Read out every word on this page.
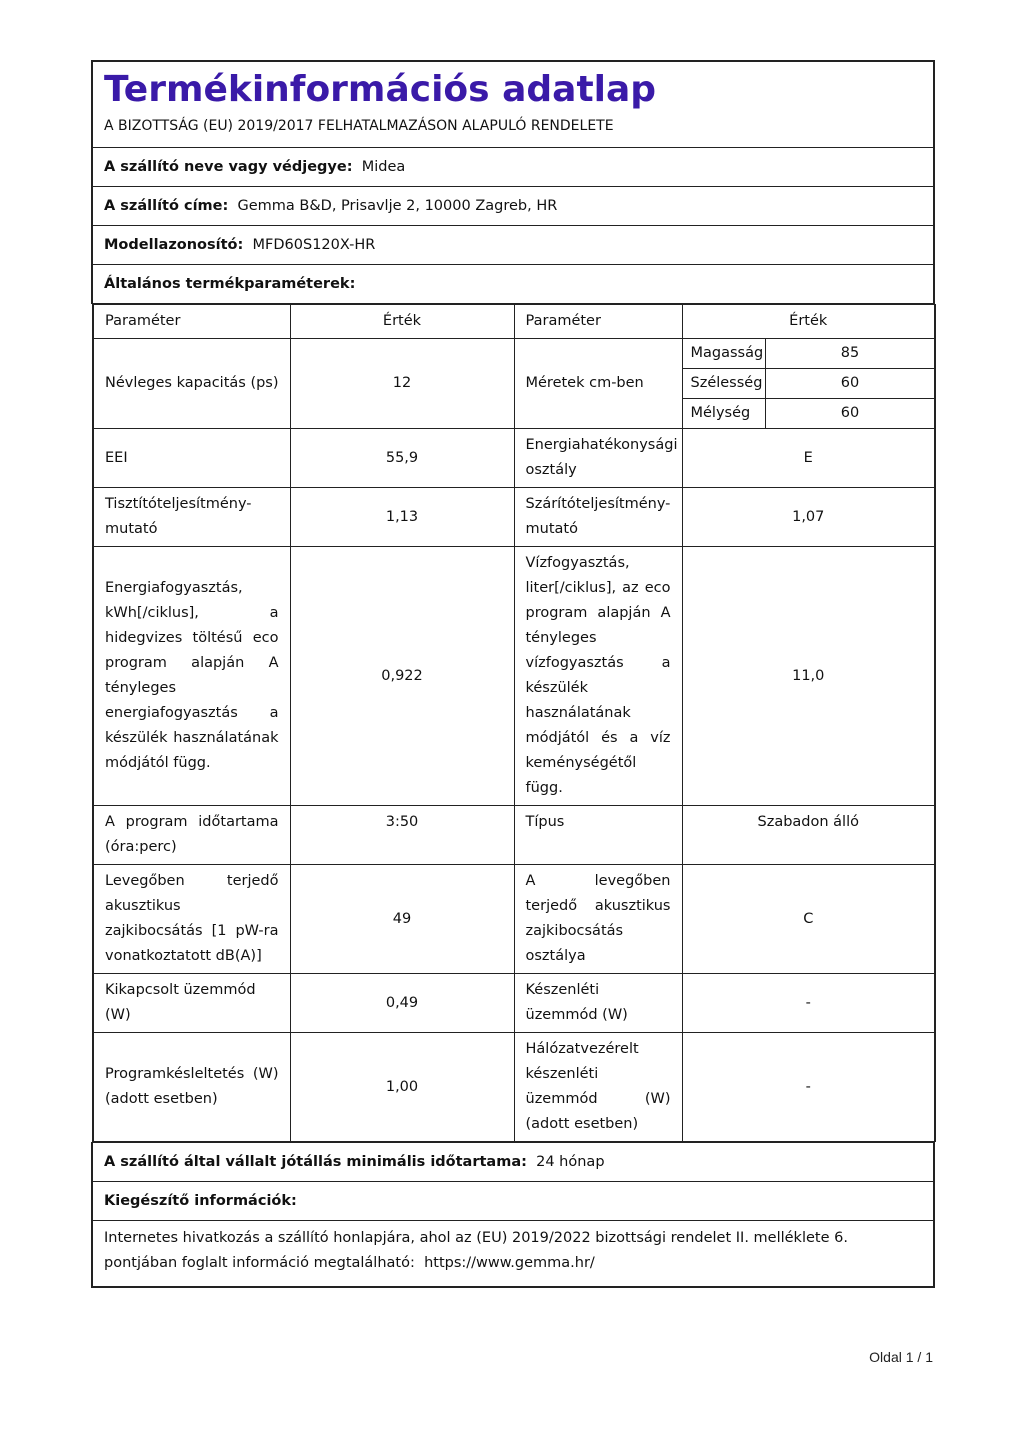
Termékinformációs adatlap
A BIZOTTSÁG (EU) 2019/2017 FELHATALMAZÁSON ALAPULÓ RENDELETE

A szállító neve vagy védjegye: Midea
A szállító címe: Gemma B&D, Prisavlje 2, 10000 Zagreb, HR
Modellazonosító: MFD60S120X-HR
Általános termékparaméterek:

Paraméter	Érték	Paraméter	Érték
Névleges kapacitás (ps)	12	Méretek cm-ben	
Magasság	85
Szélesség	60
Mélység	60

EEI	55,9	Energiahatékonysági osztály	E
Tisztítóteljesítmény-mutató	1,13	Szárítóteljesítmény-mutató	1,07
Energiafogyasztás, kWh[/ciklus], a hidegvizes töltésű eco program alapján A tényleges energiafogyasztás a készülék használatának módjától függ.	0,922	Vízfogyasztás, liter[/ciklus], az eco program alapján A tényleges vízfogyasztás a készülék használatának módjától és a víz keménységétől függ.	11,0
A program időtartama (óra:perc)	3:50	Típus	Szabadon álló
Levegőben terjedő akusztikus zajkibocsátás [1 pW-ra vonatkoztatott dB(A)]	49	A levegőben terjedő akusztikus zajkibocsátás osztálya	C
Kikapcsolt üzemmód (W)	0,49	Készenléti üzemmód (W)	-
Programkésleltetés (W) (adott esetben)	1,00	Hálózatvezérelt készenléti üzemmód (W) (adott esetben)	-

A szállító által vállalt jótállás minimális időtartama: 24 hónap
Kiegészítő információk:
Internetes hivatkozás a szállító honlapjára, ahol az (EU) 2019/2022 bizottsági rendelet II. melléklete 6. pontjában foglalt információ megtalálható: https://www.gemma.hr/
Oldal 1 / 1
